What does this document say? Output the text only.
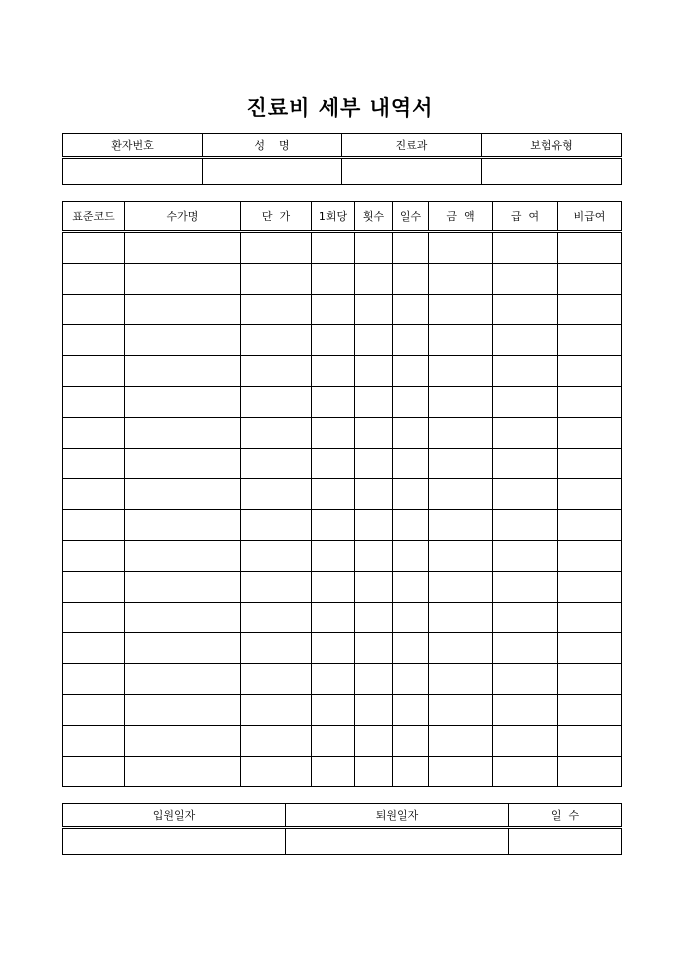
진료비 세부 내역서
환자번호	성    명	진료과	보험유형

표준코드	수가명	단  가	1회당	횟수	일수	금  액	급  여	비급여

입원일자	퇴원일자	일  수
